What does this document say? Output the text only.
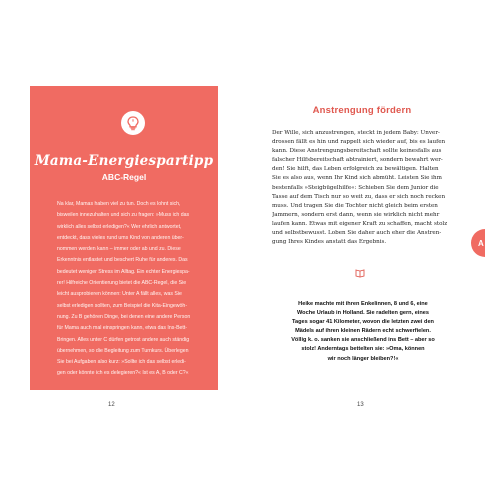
Mama-Energiespartipp
ABC-Regel
Na klar, Mamas haben viel zu tun. Doch es lohnt sich,
bisweilen innezuhalten und sich zu fragen: »Muss ich das
wirklich alles selbst erledigen?« Wer ehrlich antwortet,
entdeckt, dass vieles rund ums Kind von anderen über-
nommen werden kann – immer oder ab und zu. Diese
Erkenntnis entlastet und beschert Ruhe für anderes. Das
bedeutet weniger Stress im Alltag. Ein echter Energiespa-
rer! Hilfreiche Orientierung bietet die ABC-Regel, die Sie
leicht ausprobieren können: Unter A fällt alles, was Sie
selbst erledigen sollten, zum Beispiel die Kita-Eingewöh-
nung. Zu B gehören Dinge, bei denen eine andere Person
für Mama auch mal einspringen kann, etwa das Ins-Bett-
Bringen. Alles unter C dürfen getrost andere auch ständig
übernehmen, so die Begleitung zum Turnkurs. Überlegen
Sie bei Aufgaben also kurz: »Sollte ich das selbst erledi-
gen oder könnte ich es delegieren?« Ist es A, B oder C?«
12
Anstrengung fördern
Der Wille, sich anzustrengen, steckt in jedem Baby: Unver-
drossen fällt es hin und rappelt sich wieder auf, bis es laufen
kann. Diese Anstrengungsbereitschaft sollte keinesfalls aus
falscher Hilfsbereitschaft abtrainiert, sondern bewahrt wer-
den! Sie hilft, das Leben erfolgreich zu bewältigen. Halten
Sie es also aus, wenn Ihr Kind sich abmüht. Leisten Sie ihm
bestenfalls »Steigbügelhilfe«: Schieben Sie dem Junior die
Tasse auf dem Tisch nur so weit zu, dass er sich noch recken
muss. Und tragen Sie die Tochter nicht gleich beim ersten
Jammern, sondern erst dann, wenn sie wirklich nicht mehr
laufen kann. Etwas mit eigener Kraft zu schaffen, macht stolz
und selbstbewusst. Loben Sie daher auch eher die Anstren-
gung Ihres Kindes anstatt das Ergebnis.
Heike machte mit ihren Enkelinnen, 8 und 6, eine
Woche Urlaub in Holland. Sie radelten gern, eines
Tages sogar 41 Kilometer, wovon die letzten zwei den
Mädels auf ihren kleinen Rädern echt schwerfielen.
Völlig k. o. sanken sie anschließend ins Bett – aber so
stolz! Anderntags bettelten sie: »Oma, können
wir noch länger bleiben?!«
13
A
